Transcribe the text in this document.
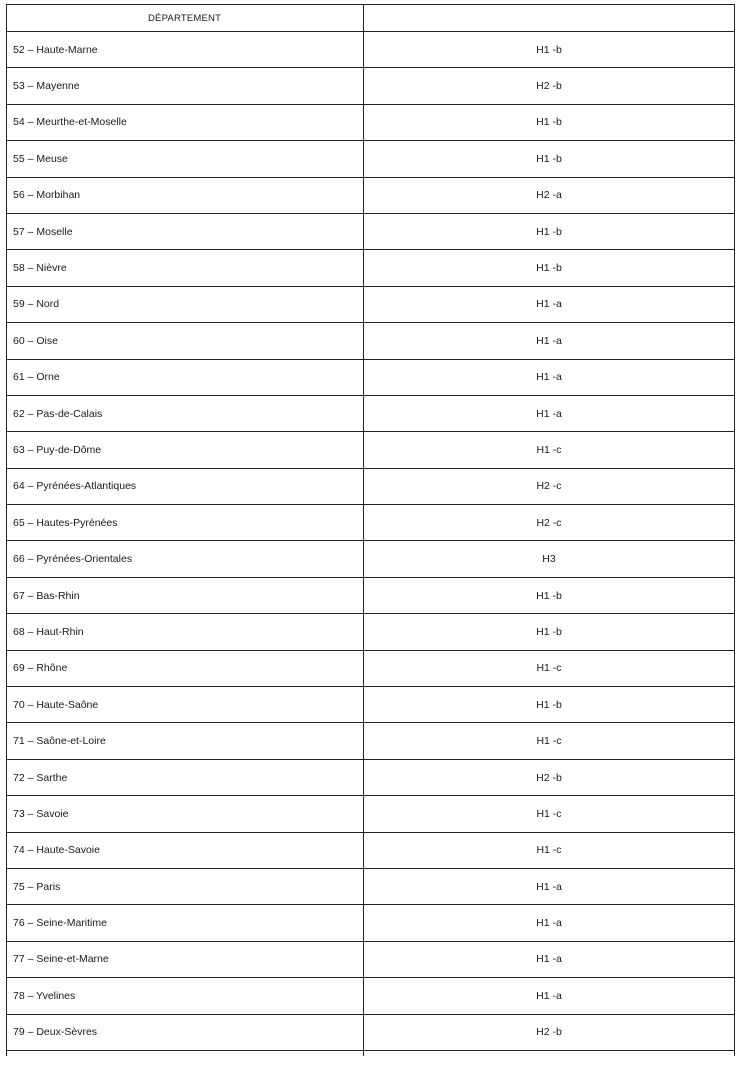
DÉPARTEMENT	
52 – Haute-Marne	H1 -b
53 – Mayenne	H2 -b
54 – Meurthe-et-Moselle	H1 -b
55 – Meuse	H1 -b
56 – Morbihan	H2 -a
57 – Moselle	H1 -b
58 – Nièvre	H1 -b
59 – Nord	H1 -a
60 – Oise	H1 -a
61 – Orne	H1 -a
62 – Pas-de-Calais	H1 -a
63 – Puy-de-Dôme	H1 -c
64 – Pyrénées-Atlantiques	H2 -c
65 – Hautes-Pyrénées	H2 -c
66 – Pyrénées-Orientales	H3
67 – Bas-Rhin	H1 -b
68 – Haut-Rhin	H1 -b
69 – Rhône	H1 -c
70 – Haute-Saône	H1 -b
71 – Saône-et-Loire	H1 -c
72 – Sarthe	H2 -b
73 – Savoie	H1 -c
74 – Haute-Savoie	H1 -c
75 – Paris	H1 -a
76 – Seine-Maritime	H1 -a
77 – Seine-et-Marne	H1 -a
78 – Yvelines	H1 -a
79 – Deux-Sèvres	H2 -b
